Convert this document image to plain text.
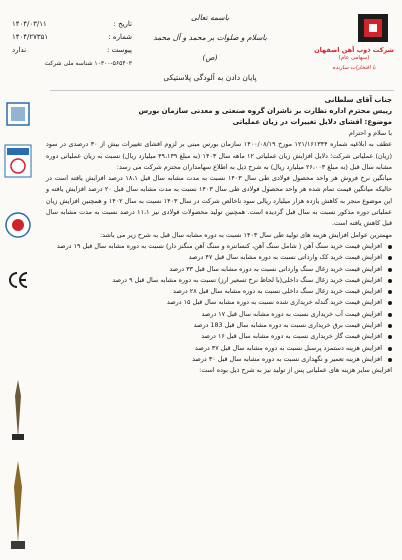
تاریخ :
۱۴۰۴/۰۳/۱۱
شماره :
۱۴۰۴/۲۷۳۵۱
پیوست :
ندارد
۱۰۳۰۰-۵۶۵۴۰۳ شناسه ملی شرکت
باسمه تعالی
باسلام و صلوات بر محمد و آل محمد (ص)
پایان دادن به آلودگی پلاستیکی
شرکت ذوب آهن اصفهان
(سهامی عام)
با افتخارات سازنده
جناب آقای سلطانی
رییس محترم اداره نظارت بر ناشران گروه صنعتی و معدنی سازمان بورس
موضوع: افشای دلایل تغییرات در زیان عملیاتی
با سلام و احترام
عطف به ابلاغیه شماره ۱۲۱/۱۶۱۳۴۴ مورخ ۱۴۰۰/۰۸/۱۹ سازمان بورس مبنی بر لزوم افشای تغییرات بیش از ۳۰ درصدی در سود (زیان) عملیاتی شرکت؛ دلایل افزایش زیان عملیاتی ۱۲ ماهه سال ۱۴۰۳ (به مبلغ ۴۹،۱۳۹ میلیارد ریال) نسبت به زیان عملیاتی دوره مشابه سال قبل (به مبلغ ۲۶،۰۰۳ میلیارد ریال) به شرح ذیل به اطلاع سهامداران محترم شرکت می رسد:
میانگین نرخ فروش هر واحد محصول فولادی طی سال ۱۴۰۳ نسبت به مدت مشابه سال قبل ۱۸،۱ درصد افزایش یافته است در حالیکه میانگین قیمت تمام شده هر واحد محصول فولادی طی سال ۱۴۰۳ نسبت به مدت مشابه سال قبل ۲۰ درصد افزایش یافته و این موضوع منجر به کاهش یازده هزار میلیارد ریالی سود ناخالص شرکت در سال ۱۴۰۳ نسبت به سال ۱۴۰۲ و همچنین افزایش زیان عملیاتی دوره مذکور نسبت به سال قبل گردیده است. همچنین تولید محصولات فولادی نیز ۱۱،۱ درصد نسبت به مدت مشابه سال قبل کاهش یافته است.
مهمترین عوامل افزایش هزینه های تولید طی سال ۱۴۰۳ نسبت به دوره مشابه سال قبل به شرح زیر می باشد:
افزایش قیمت خرید سنگ آهن ( شامل سنگ آهن، کنسانتره و سنگ آهن منگنز دار) نسبت به دوره مشابه سال قبل ۱۹ درصد
افزایش قیمت خرید کک وارداتی نسبت به دوره مشابه سال قبل ۴۷ درصد
افزایش قیمت خرید زغال سنگ وارداتی نسبت به دوره مشابه سال قبل ۳۳ درصد
افزایش قیمت خرید زغال سنگ داخلی(با لحاظ نرخ تسعیر ارز) نسبت به دوره مشابه سال قبل ۹ درصد
افزایش قیمت خرید زغال سنگ داخلی نسبت به دوره مشابه سال قبل ۲۸ درصد
افزایش قیمت خرید گندله خریداری شده نسبت به دوره مشابه سال قبل ۱۵ درصد
افزایش قیمت آب خریداری نسبت به دوره مشابه سال قبل ۱۷ درصد
افزایش قیمت برق خریداری نسبت به دوره مشابه سال قبل 183 درصد
افزایش قیمت گاز خریداری نسبت به دوره مشابه سال قبل ۱۶ درصد
افزایش هزینه دستمزد پرسنل نسبت به دوره مشابه سال قبل ۳۷ درصد
افزایش هزینه تعمیر و نگهداری نسبت به دوره مشابه سال قبل ۳۰ درصد
افزایش سایر هزینه های عملیاتی پس از تولید نیز به شرح ذیل بوده است:
